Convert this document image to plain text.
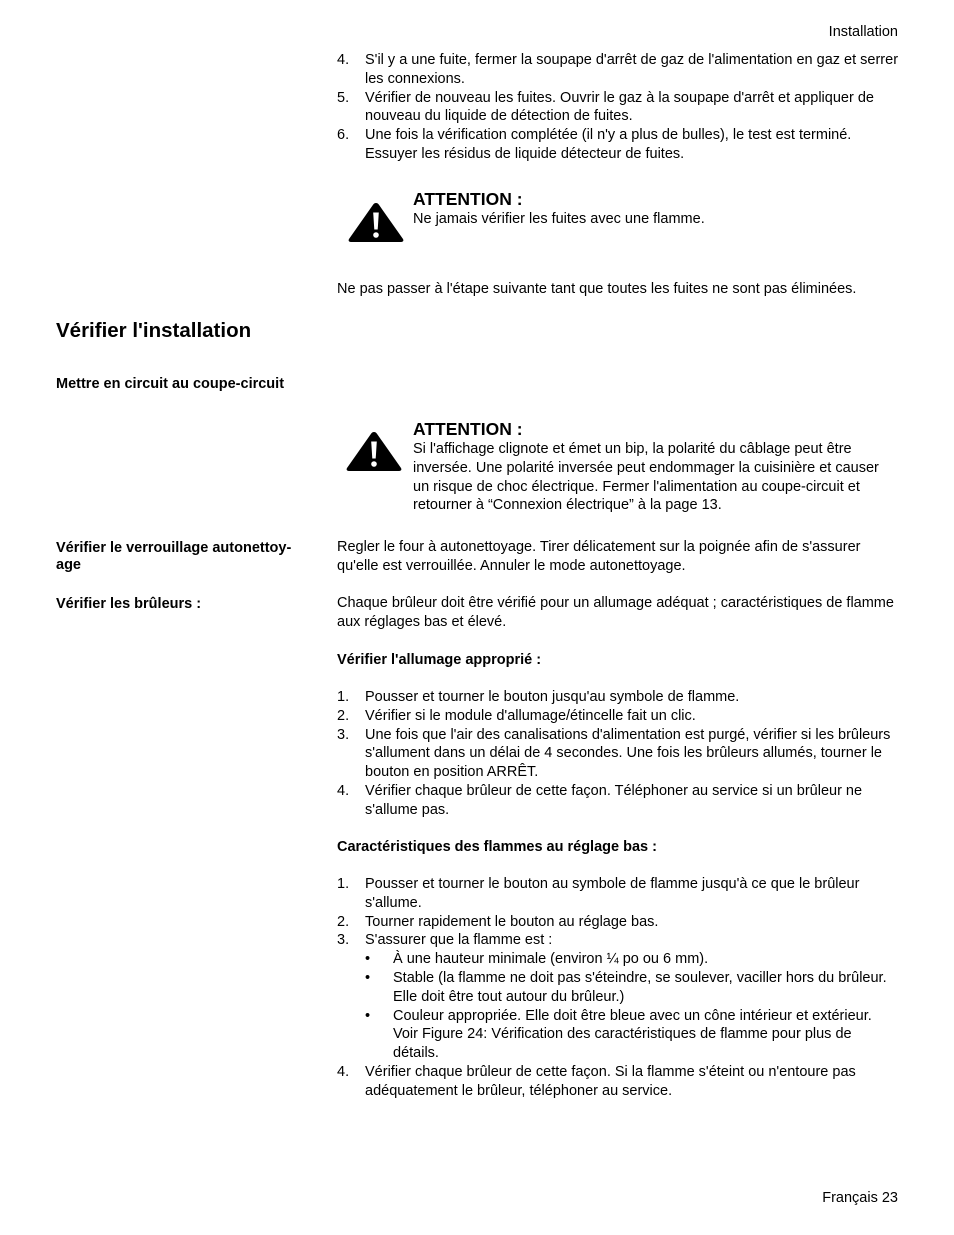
Installation
4. S'il y a une fuite, fermer la soupape d'arrêt de gaz de l'alimentation en gaz et serrer les connexions.
5. Vérifier de nouveau les fuites. Ouvrir le gaz à la soupape d'arrêt et appliquer de nouveau du liquide de détection de fuites.
6. Une fois la vérification complétée (il n'y a plus de bulles), le test est terminé. Essuyer les résidus de liquide détecteur de fuites.
ATTENTION :
Ne jamais vérifier les fuites avec une flamme.
Ne pas passer à l'étape suivante tant que toutes les fuites ne sont pas éliminées.
Vérifier l'installation
Mettre en circuit au coupe-circuit
ATTENTION :
Si l'affichage clignote et émet un bip, la polarité du câblage peut être inversée. Une polarité inversée peut endommager la cuisinière et causer un risque de choc électrique. Fermer l'alimentation au coupe-circuit et retourner à “Connexion électrique” à la page 13.
Vérifier le verrouillage autonettoy-age
Regler le four à autonettoyage. Tirer délicatement sur la poignée afin de s'assurer qu'elle est verrouillée. Annuler le mode autonettoyage.
Vérifier les brûleurs :	Chaque brûleur doit être vérifié pour un allumage adéquat ; caractéristiques de flamme aux réglages bas et élevé.
Vérifier l'allumage approprié :
1. Pousser et tourner le bouton jusqu'au symbole de flamme.
2. Vérifier si le module d'allumage/étincelle fait un clic.
3. Une fois que l'air des canalisations d'alimentation est purgé, vérifier si les brûleurs s'allument dans un délai de 4 secondes. Une fois les brûleurs allumés, tourner le bouton en position ARRÊT.
4. Vérifier chaque brûleur de cette façon. Téléphoner au service si un brûleur ne s'allume pas.
Caractéristiques des flammes au réglage bas :
1. Pousser et tourner le bouton au symbole de flamme jusqu'à ce que le brûleur s'allume.
2. Tourner rapidement le bouton au réglage bas.
3. S'assurer que la flamme est :
• À une hauteur minimale (environ ¼ po ou 6 mm).
• Stable (la flamme ne doit pas s'éteindre, se soulever, vaciller hors du brûleur. Elle doit être tout autour du brûleur.)
• Couleur appropriée. Elle doit être bleue avec un cône intérieur et extérieur. Voir Figure 24: Vérification des caractéristiques de flamme pour plus de détails.
4. Vérifier chaque brûleur de cette façon. Si la flamme s'éteint ou n'entoure pas adéquatement le brûleur, téléphoner au service.
Français 23
